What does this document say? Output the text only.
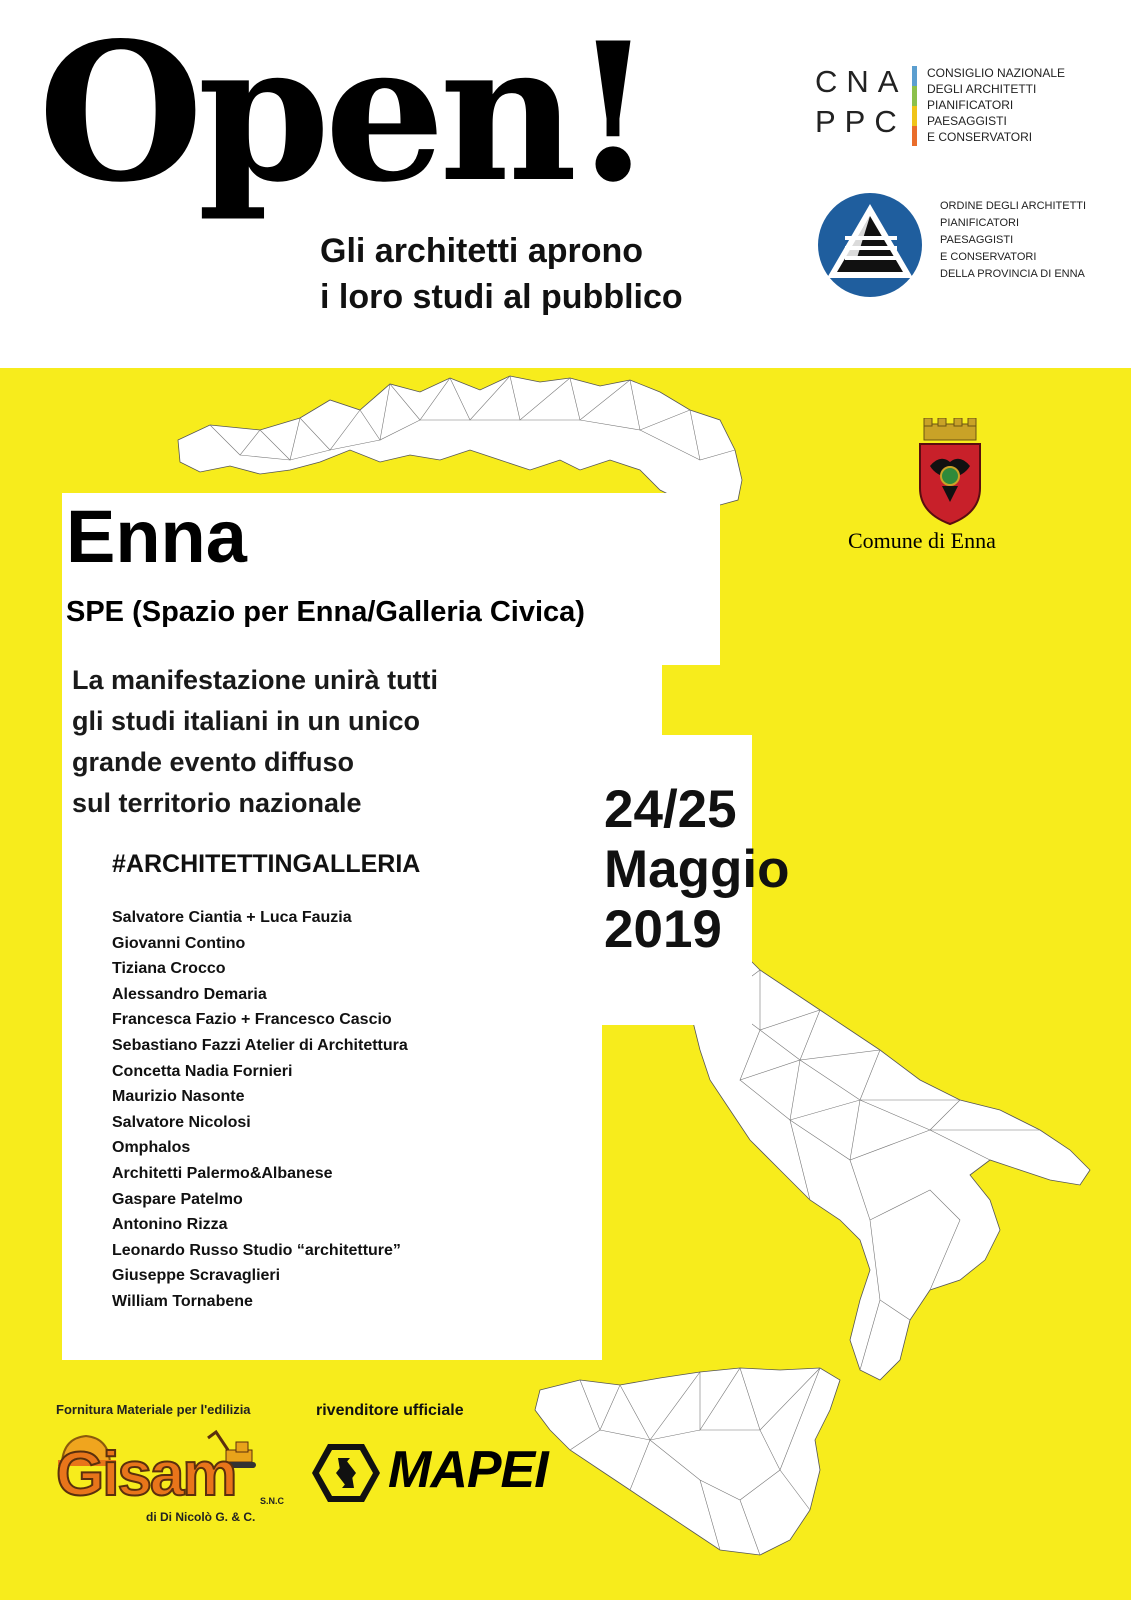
Open!
Gli architetti aprono
i loro studi al pubblico
CNA
PPC
CONSIGLIO NAZIONALE
DEGLI ARCHITETTI
PIANIFICATORI
PAESAGGISTI
E CONSERVATORI
ORDINE DEGLI ARCHITETTI
PIANIFICATORI
PAESAGGISTI
E CONSERVATORI
DELLA PROVINCIA DI ENNA
Comune di Enna
Enna
SPE (Spazio per Enna/Galleria Civica)
La manifestazione unirà tutti
gli studi italiani in un unico
grande evento diffuso
sul territorio nazionale
#ARCHITETTINGALLERIA
Salvatore Ciantia + Luca Fauzia
Giovanni Contino
Tiziana Crocco
Alessandro Demaria
Francesca Fazio + Francesco Cascio
Sebastiano Fazzi Atelier di Architettura
Concetta Nadia Fornieri
Maurizio Nasonte
Salvatore Nicolosi
Omphalos
Architetti Palermo&Albanese
Gaspare Patelmo
Antonino Rizza
Leonardo Russo Studio “architetture”
Giuseppe Scravaglieri
William Tornabene
24/25
Maggio
2019
Fornitura Materiale per l'edilizia
Gisam	S.N.C
di Di Nicolò G. & C.
rivenditore ufficiale
MAPEI
